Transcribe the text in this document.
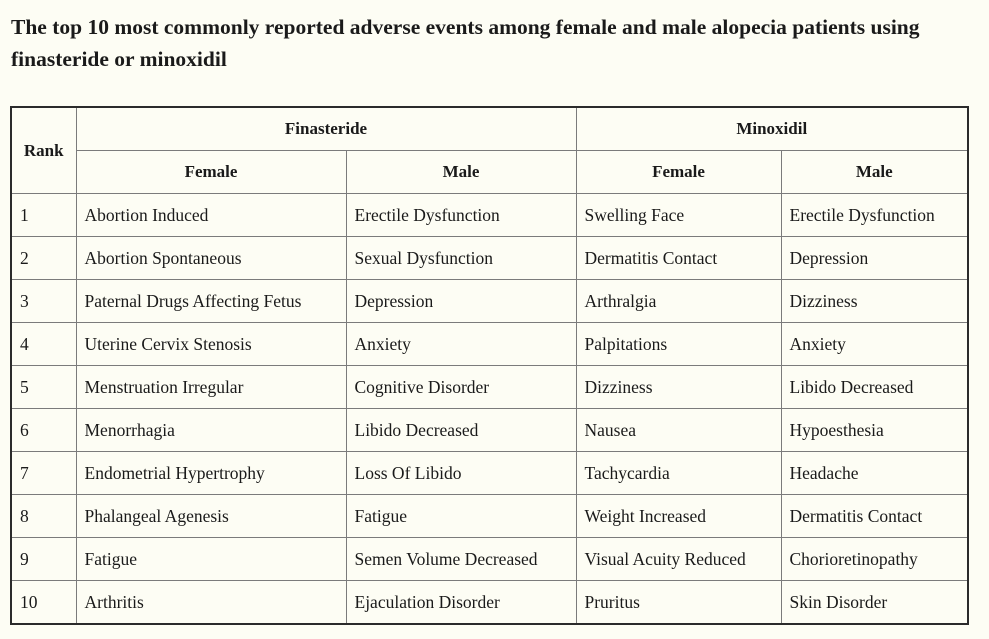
The top 10 most commonly reported adverse events among female and male alopecia patients using finasteride or minoxidil
Rank	Finasteride		Minoxidil	
	Female	Male	Female	Male
1	Abortion Induced	Erectile Dysfunction	Swelling Face	Erectile Dysfunction
2	Abortion Spontaneous	Sexual Dysfunction	Dermatitis Contact	Depression
3	Paternal Drugs Affecting Fetus	Depression	Arthralgia	Dizziness
4	Uterine Cervix Stenosis	Anxiety	Palpitations	Anxiety
5	Menstruation Irregular	Cognitive Disorder	Dizziness	Libido Decreased
6	Menorrhagia	Libido Decreased	Nausea	Hypoesthesia
7	Endometrial Hypertrophy	Loss Of Libido	Tachycardia	Headache
8	Phalangeal Agenesis	Fatigue	Weight Increased	Dermatitis Contact
9	Fatigue	Semen Volume Decreased	Visual Acuity Reduced	Chorioretinopathy
10	Arthritis	Ejaculation Disorder	Pruritus	Skin Disorder
